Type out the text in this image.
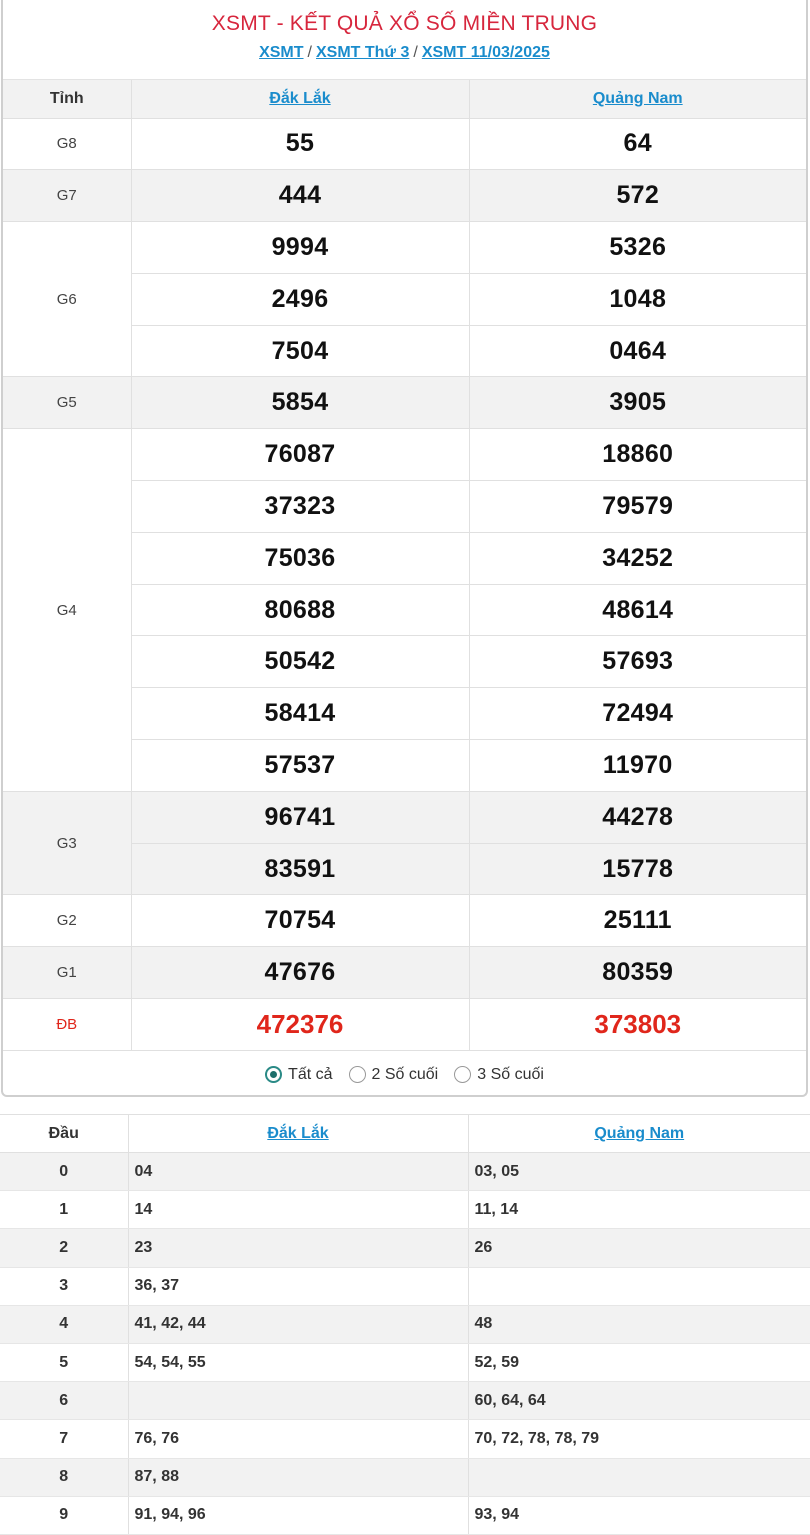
XSMT - KẾT QUẢ XỔ SỐ MIỀN TRUNG
XSMT / XSMT Thứ 3 / XSMT 11/03/2025
Tỉnh	Đắk Lắk	Quảng Nam
G8	55	64
G7	444	572
G6	9994	5326
	2496	1048
	7504	0464
G5	5854	3905
G4	76087	18860
	37323	79579
	75036	34252
	80688	48614
	50542	57693
	58414	72494
	57537	11970
G3	96741	44278
	83591	15778
G2	70754	25111
G1	47676	80359
ĐB	472376	373803
Tất cả 2 Số cuối 3 Số cuối
Đầu	Đắk Lắk	Quảng Nam
0	04	03, 05
1	14	11, 14
2	23	26
3	36, 37	
4	41, 42, 44	48
5	54, 54, 55	52, 59
6		60, 64, 64
7	76, 76	70, 72, 78, 78, 79
8	87, 88	
9	91, 94, 96	93, 94
